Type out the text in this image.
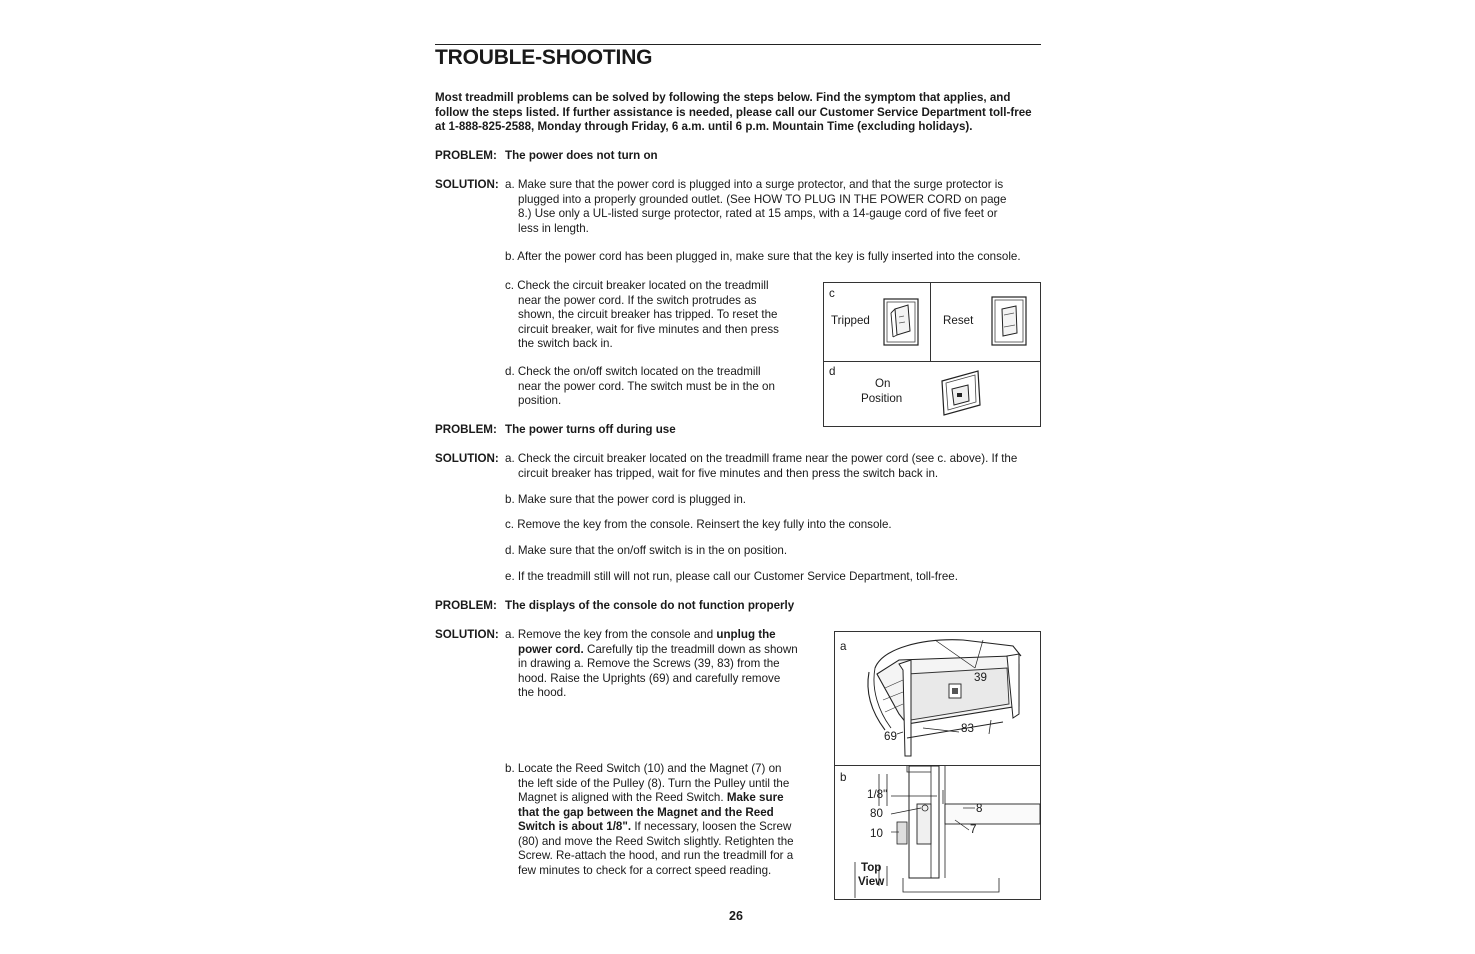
TROUBLE-SHOOTING
Most treadmill problems can be solved by following the steps below. Find the symptom that applies, and follow the steps listed. If further assistance is needed, please call our Customer Service Department toll-free at 1-888-825-2588, Monday through Friday, 6 a.m. until 6 p.m. Mountain Time (excluding holidays).
PROBLEM: The power does not turn on
SOLUTION: a. Make sure that the power cord is plugged into a surge protector, and that the surge protector is
plugged into a properly grounded outlet. (See HOW TO PLUG IN THE POWER CORD on page
8.) Use only a UL-listed surge protector, rated at 15 amps, with a 14-gauge cord of five feet or
less in length.
b. After the power cord has been plugged in, make sure that the key is fully inserted into the console.
c. Check the circuit breaker located on the treadmill
near the power cord. If the switch protrudes as
shown, the circuit breaker has tripped. To reset the
circuit breaker, wait for five minutes and then press
the switch back in.
d. Check the on/off switch located on the treadmill
near the power cord. The switch must be in the on
position.
c
Tripped	Reset
d
On
Position
PROBLEM: The power turns off during use
SOLUTION: a. Check the circuit breaker located on the treadmill frame near the power cord (see c. above). If the
circuit breaker has tripped, wait for five minutes and then press the switch back in.
b. Make sure that the power cord is plugged in.
c. Remove the key from the console. Reinsert the key fully into the console.
d. Make sure that the on/off switch is in the on position.
e. If the treadmill still will not run, please call our Customer Service Department, toll-free.
PROBLEM: The displays of the console do not function properly
SOLUTION: a. Remove the key from the console and unplug the
power cord. Carefully tip the treadmill down as shown
in drawing a. Remove the Screws (39, 83) from the
hood. Raise the Uprights (69) and carefully remove
the hood.
b. Locate the Reed Switch (10) and the Magnet (7) on
the left side of the Pulley (8). Turn the Pulley until the
Magnet is aligned with the Reed Switch. Make sure
that the gap between the Magnet and the Reed
Switch is about 1/8". If necessary, loosen the Screw
(80) and move the Reed Switch slightly. Retighten the
Screw. Re-attach the hood, and run the treadmill for a
few minutes to check for a correct speed reading.
a
39
69
83
b
1/8"
80
10
8
7
Top
View
26
